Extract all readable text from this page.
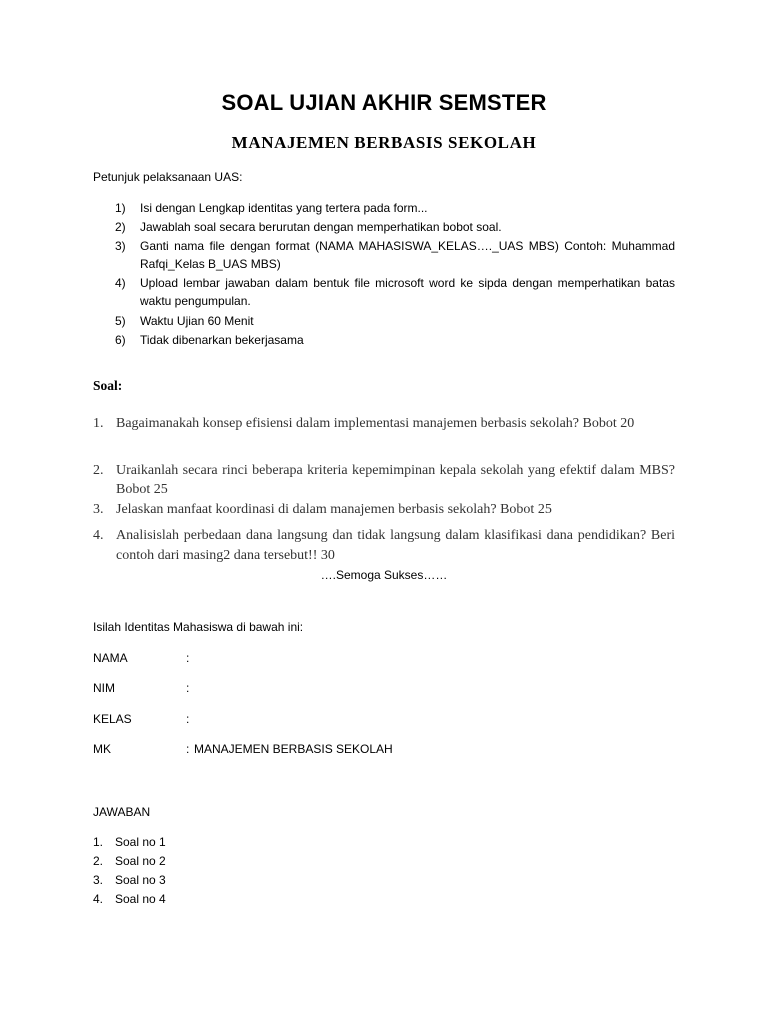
SOAL UJIAN AKHIR SEMSTER
MANAJEMEN BERBASIS SEKOLAH
Petunjuk pelaksanaan UAS:
1) Isi dengan Lengkap identitas yang tertera pada form...
2) Jawablah soal secara berurutan dengan memperhatikan bobot soal.
3) Ganti nama file dengan format (NAMA MAHASISWA_KELAS…._UAS MBS) Contoh: Muhammad Rafqi_Kelas B_UAS MBS)
4) Upload lembar jawaban dalam bentuk file microsoft word ke sipda dengan memperhatikan batas waktu pengumpulan.
5) Waktu Ujian 60 Menit
6) Tidak dibenarkan bekerjasama
Soal:
1. Bagaimanakah konsep efisiensi dalam implementasi manajemen berbasis sekolah? Bobot 20
2. Uraikanlah secara rinci beberapa kriteria kepemimpinan kepala sekolah yang efektif dalam MBS?Bobot 25
3. Jelaskan manfaat koordinasi di dalam manajemen berbasis sekolah? Bobot 25
4. Analisislah perbedaan dana langsung dan tidak langsung dalam klasifikasi dana pendidikan? Beri contoh dari masing2 dana tersebut!! 30
….Semoga Sukses……
Isilah Identitas Mahasiswa di bawah ini:
NAMA	:
NIM	:
KELAS	:
MK	: MANAJEMEN BERBASIS SEKOLAH
JAWABAN
1. Soal no 1
2. Soal no 2
3. Soal no 3
4. Soal no 4
